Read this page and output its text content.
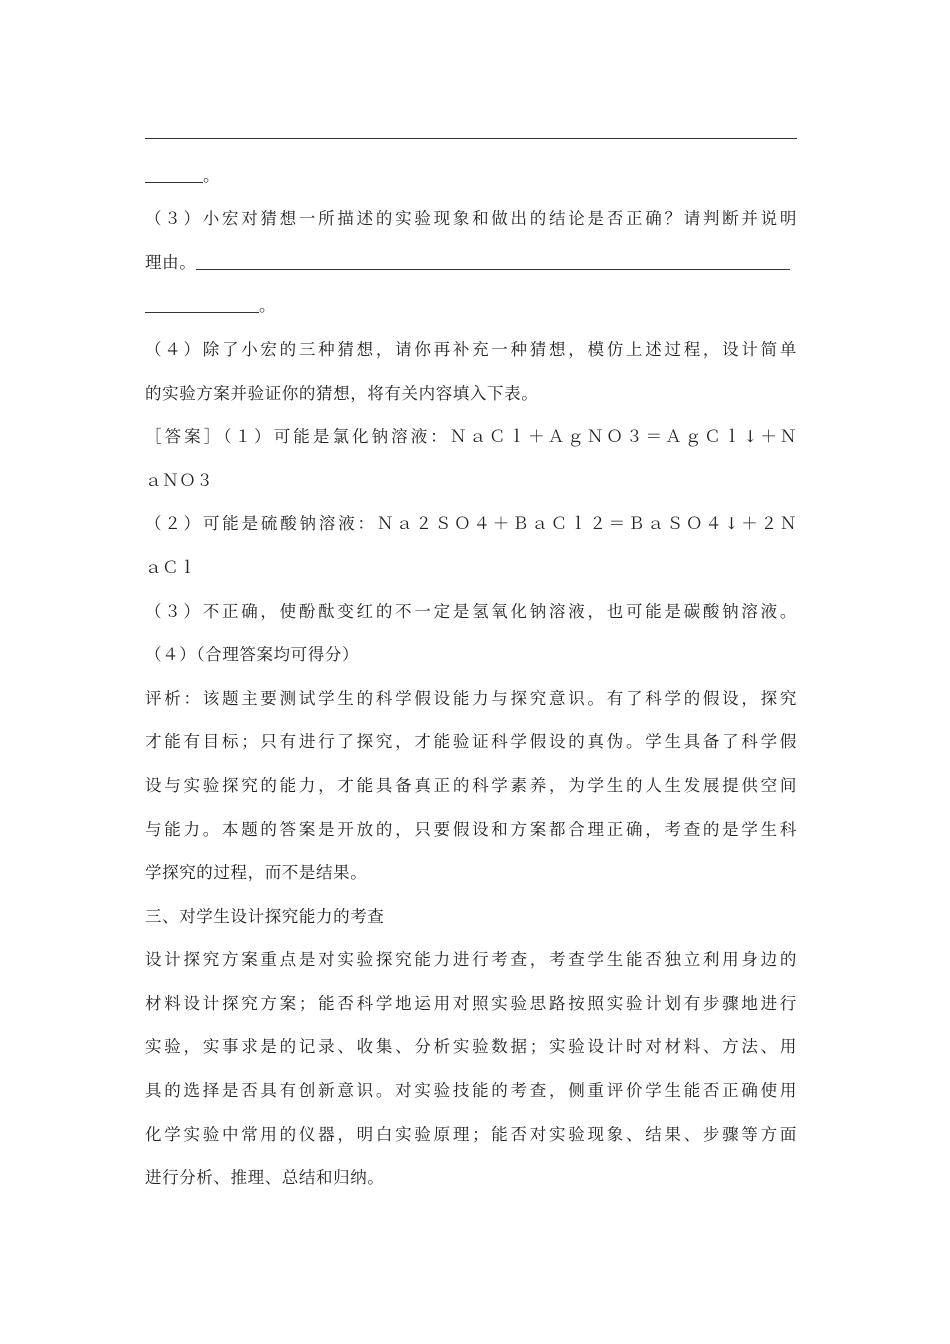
。
（３）小宏对猜想一所描述的实验现象和做出的结论是否正确？请判断并说明
理由。
。
（４）除了小宏的三种猜想，请你再补充一种猜想，模仿上述过程，设计简单
的实验方案并验证你的猜想，将有关内容填入下表。
［答案］（１）可能是氯化钠溶液：ＮａＣｌ＋ＡｇＮＯ３＝ＡｇＣｌ↓＋Ｎ
ａＮＯ３
（２）可能是硫酸钠溶液：Ｎａ２ＳＯ４＋ＢａＣｌ２＝ＢａＳＯ４↓＋２Ｎ
ａＣｌ
（３）不正确，使酚酞变红的不一定是氢氧化钠溶液，也可能是碳酸钠溶液。
（４）（合理答案均可得分）
评析：该题主要测试学生的科学假设能力与探究意识。有了科学的假设，探究
才能有目标；只有进行了探究，才能验证科学假设的真伪。学生具备了科学假
设与实验探究的能力，才能具备真正的科学素养，为学生的人生发展提供空间
与能力。本题的答案是开放的，只要假设和方案都合理正确，考查的是学生科
学探究的过程，而不是结果。
三、对学生设计探究能力的考查
设计探究方案重点是对实验探究能力进行考查，考查学生能否独立利用身边的
材料设计探究方案；能否科学地运用对照实验思路按照实验计划有步骤地进行
实验，实事求是的记录、收集、分析实验数据；实验设计时对材料、方法、用
具的选择是否具有创新意识。对实验技能的考查，侧重评价学生能否正确使用
化学实验中常用的仪器，明白实验原理；能否对实验现象、结果、步骤等方面
进行分析、推理、总结和归纳。
